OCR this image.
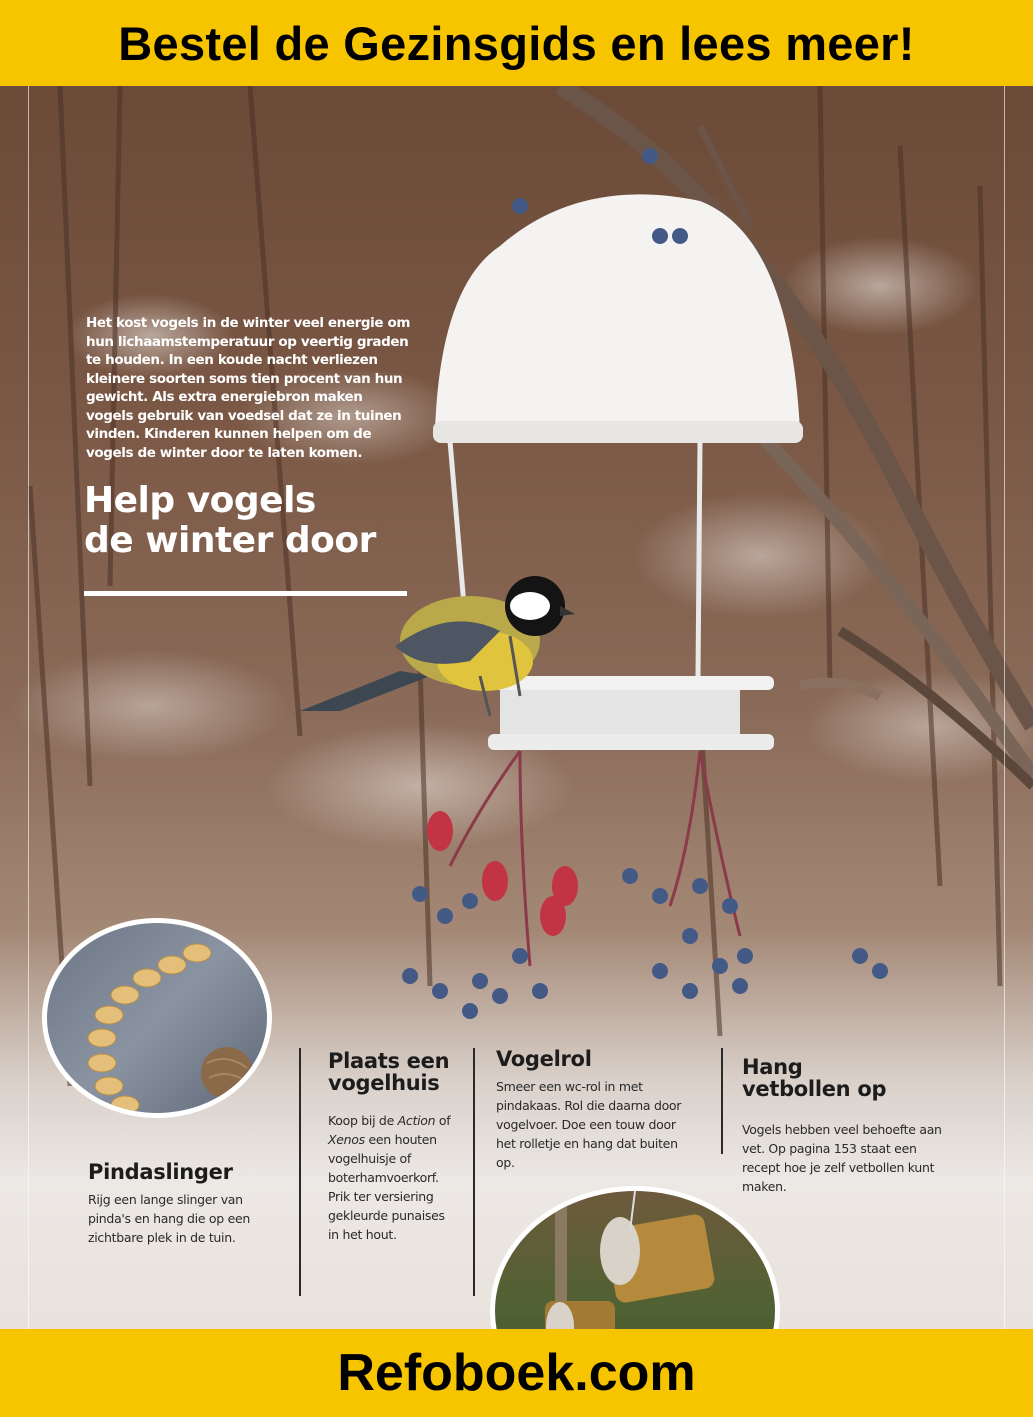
Bestel de Gezinsgids en lees meer!
Het kost vogels in de winter veel energie om hun lichaamstemperatuur op veertig graden te houden. In een koude nacht verliezen kleinere soorten soms tien procent van hun gewicht. Als extra energiebron maken vogels gebruik van voedsel dat ze in tuinen vinden. Kinderen kunnen helpen om de vogels de winter door te laten komen.
Help vogels
de winter door
Pindaslinger
Rijg een lange slinger van pinda's en hang die op een zichtbare plek in de tuin.
Plaats een
vogelhuis
Koop bij de Action of Xenos een houten vogelhuisje of boterhamvoerkorf. Prik ter versiering gekleurde punaises in het hout.
Vogelrol
Smeer een wc-rol in met pindakaas. Rol die daarna door vogelvoer. Doe een touw door het rolletje en hang dat buiten op.
Hang
vetbollen op
Vogels hebben veel behoefte aan vet. Op pagina 153 staat een recept hoe je zelf vetbollen kunt maken.
Refoboek.com
